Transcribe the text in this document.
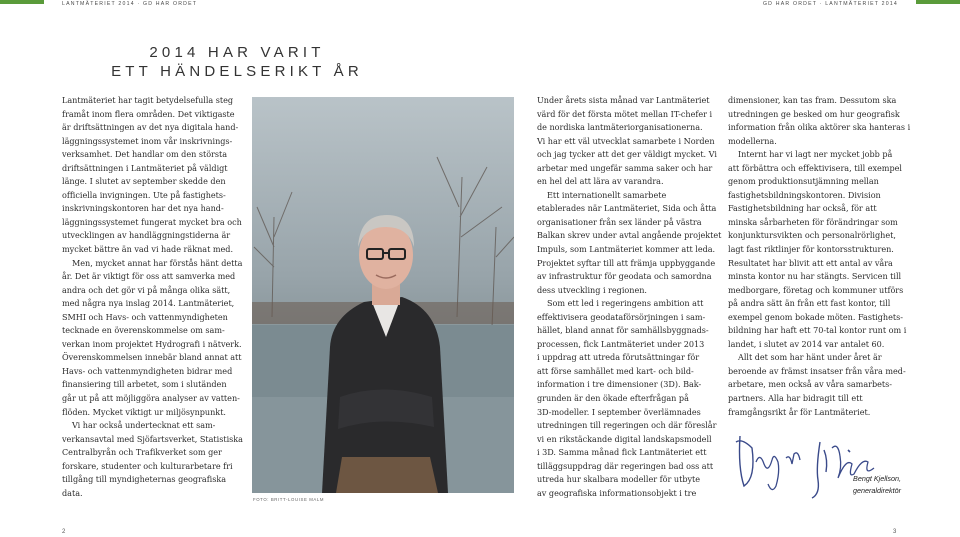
LANTMÄTERIET 2014 · GD HAR ORDET	GD HAR ORDET · LANTMÄTERIET 2014
2014 HAR VARIT
ETT HÄNDELSERIKT ÅR

Lantmäteriet har tagit betydelsefulla steg

framåt inom flera områden. Det viktigaste

är driftsättningen av det nya digitala hand-

läggningssystemet inom vår inskrivnings-

verksamhet. Det handlar om den största

driftsättningen i Lantmäteriet på väldigt

länge. I slutet av september skedde den

officiella invigningen. Ute på fastighets-

inskrivningskontoren har det nya hand-

läggningssystemet fungerat mycket bra och

utvecklingen av handläggningstiderna är

mycket bättre än vad vi hade räknat med.

Men, mycket annat har förstås hänt detta

år. Det är viktigt för oss att samverka med

andra och det gör vi på många olika sätt,

med några nya inslag 2014. Lantmäteriet,

SMHI och Havs- och vattenmyndigheten

tecknade en överenskommelse om sam-

verkan inom projektet Hydrografi i nätverk.

Överenskommelsen innebär bland annat att

Havs- och vattenmyndigheten bidrar med

finansiering till arbetet, som i slutänden

går ut på att möjliggöra analyser av vatten-

flöden. Mycket viktigt ur miljösynpunkt.

Vi har också undertecknat ett sam-

verkansavtal med Sjöfartsverket, Statistiska

Centralbyrån och Trafikverket som ger

forskare, studenter och kulturarbetare fri

tillgång till myndigheternas geografiska

data.

FOTO: BRITT-LOUISE MALM

Under årets sista månad var Lantmäteriet

värd för det första mötet mellan IT-chefer i

de nordiska lantmäteriorganisationerna.

Vi har ett väl utvecklat samarbete i Norden

och jag tycker att det ger väldigt mycket. Vi

arbetar med ungefär samma saker och har

en hel del att lära av varandra.

Ett internationellt samarbete

etablerades när Lantmäteriet, Sida och åtta

organisationer från sex länder på västra

Balkan skrev under avtal angående projektet

Impuls, som Lantmäteriet kommer att leda.

Projektet syftar till att främja uppbyggande

av infrastruktur för geodata och samordna

dess utveckling i regionen.

Som ett led i regeringens ambition att

effektivisera geodataförsörjningen i sam-

hället, bland annat för samhällsbyggnads-

processen, fick Lantmäteriet under 2013

i uppdrag att utreda förutsättningar för

att förse samhället med kart- och bild-

information i tre dimensioner (3D). Bak-

grunden är den ökade efterfrågan på

3D-modeller. I september överlämnades

utredningen till regeringen och där föreslår

vi en rikstäckande digital landskapsmodell

i 3D. Samma månad fick Lantmäteriet ett

tilläggsuppdrag där regeringen bad oss att

utreda hur skalbara modeller för utbyte

av geografiska informationsobjekt i tre

dimensioner, kan tas fram. Dessutom ska

utredningen ge besked om hur geografisk

information från olika aktörer ska hanteras i

modellerna.

Internt har vi lagt ner mycket jobb på

att förbättra och effektivisera, till exempel

genom produktionsutjämning mellan

fastighetsbildningskontoren. Division

Fastighetsbildning har också, för att

minska sårbarheten för förändringar som

konjunktursvikten och personalrörlighet,

lagt fast riktlinjer för kontorsstrukturen.

Resultatet har blivit att ett antal av våra

minsta kontor nu har stängts. Servicen till

medborgare, företag och kommuner utförs

på andra sätt än från ett fast kontor, till

exempel genom bokade möten. Fastighets-

bildning har haft ett 70-tal kontor runt om i

landet, i slutet av 2014 var antalet 60.

Allt det som har hänt under året är

beroende av främst insatser från våra med-

arbetare, men också av våra samarbets-

partners. Alla har bidragit till ett

framgångsrikt år för Lantmäteriet.

Bengt Kjellson,
generaldirektör
2	3
